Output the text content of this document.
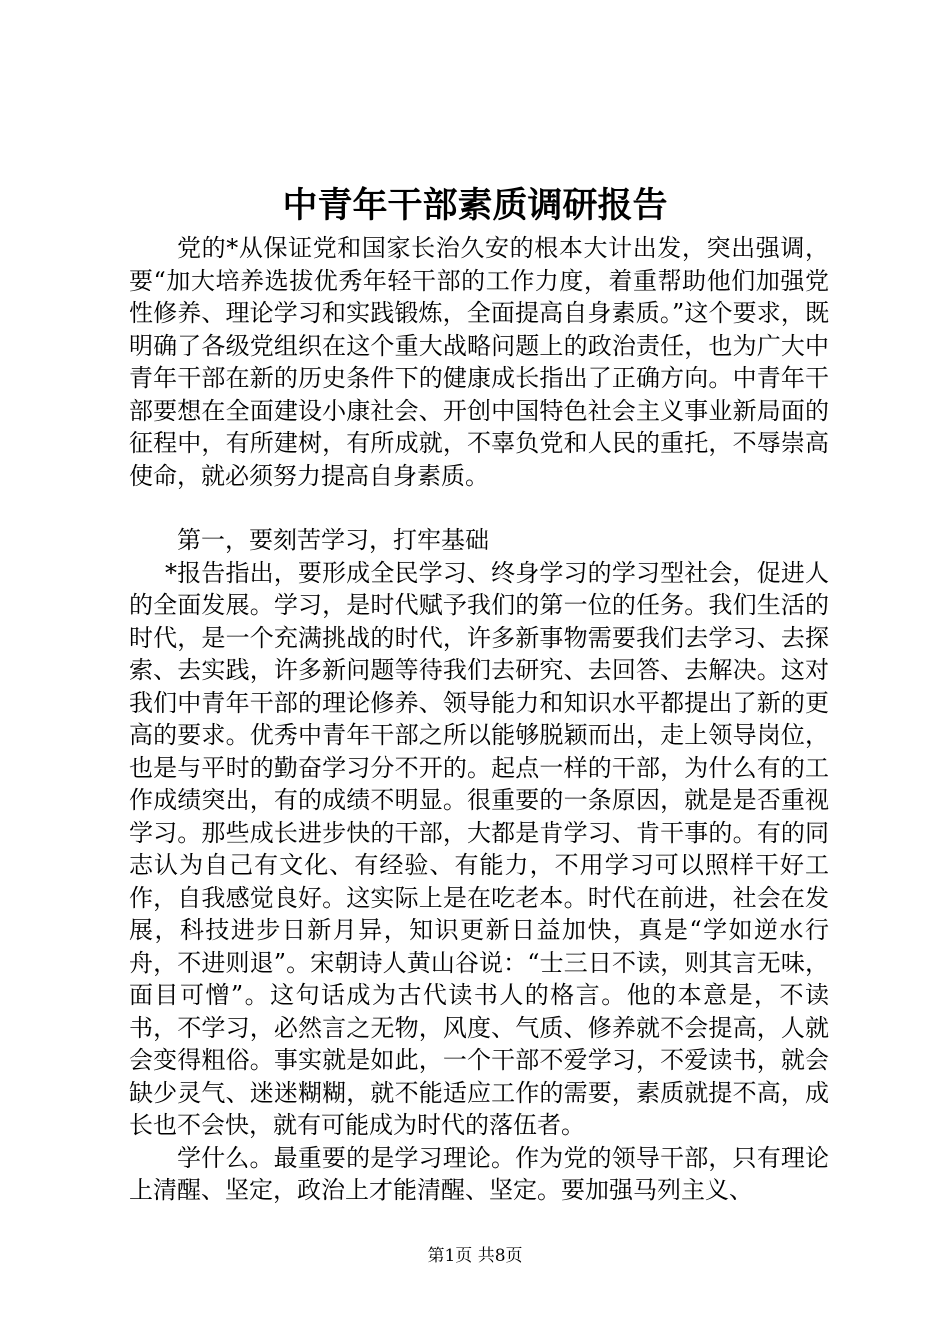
中青年干部素质调研报告

党的*从保证党和国家长治久安的根本大计出发，突出强调，要“加大培养选拔优秀年轻干部的工作力度，着重帮助他们加强党性修养、理论学习和实践锻炼，全面提高自身素质。”这个要求，既明确了各级党组织在这个重大战略问题上的政治责任，也为广大中青年干部在新的历史条件下的健康成长指出了正确方向。中青年干部要想在全面建设小康社会、开创中国特色社会主义事业新局面的征程中，有所建树，有所成就，不辜负党和人民的重托，不辱崇高使命，就必须努力提高自身素质。

第一，要刻苦学习，打牢基础

*报告指出，要形成全民学习、终身学习的学习型社会，促进人的全面发展。学习，是时代赋予我们的第一位的任务。我们生活的时代，是一个充满挑战的时代，许多新事物需要我们去学习、去探索、去实践，许多新问题等待我们去研究、去回答、去解决。这对我们中青年干部的理论修养、领导能力和知识水平都提出了新的更高的要求。优秀中青年干部之所以能够脱颖而出，走上领导岗位，也是与平时的勤奋学习分不开的。起点一样的干部，为什么有的工作成绩突出，有的成绩不明显。很重要的一条原因，就是是否重视学习。那些成长进步快的干部，大都是肯学习、肯干事的。有的同志认为自己有文化、有经验、有能力，不用学习可以照样干好工作，自我感觉良好。这实际上是在吃老本。时代在前进，社会在发展，科技进步日新月异，知识更新日益加快，真是“学如逆水行舟，不进则退”。宋朝诗人黄山谷说：“士三日不读，则其言无味，面目可憎”。这句话成为古代读书人的格言。他的本意是，不读书，不学习，必然言之无物，风度、气质、修养就不会提高，人就会变得粗俗。事实就是如此，一个干部不爱学习，不爱读书，就会缺少灵气、迷迷糊糊，就不能适应工作的需要，素质就提不高，成长也不会快，就有可能成为时代的落伍者。

学什么。最重要的是学习理论。作为党的领导干部，只有理论上清醒、坚定，政治上才能清醒、坚定。要加强马列主义、

第1页 共8页
